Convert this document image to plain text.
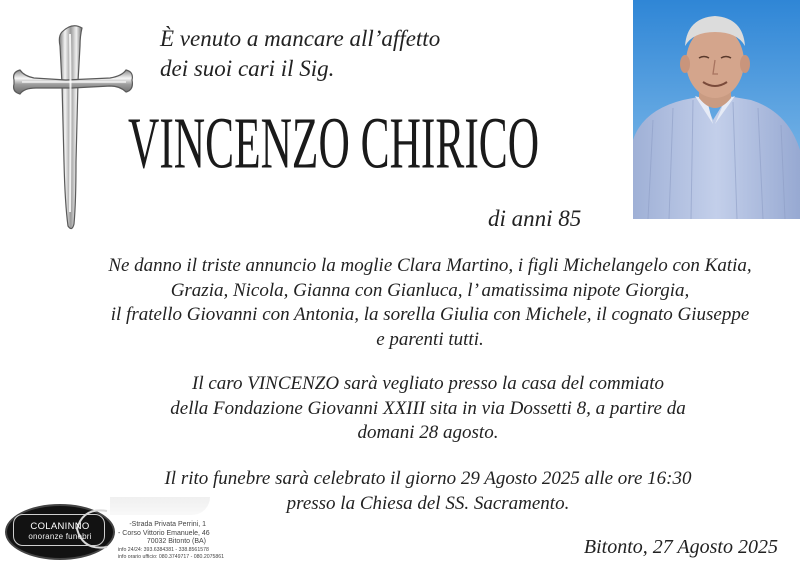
È venuto a mancare all’affetto
dei suoi cari il Sig.
VINCENZO CHIRICO
di anni 85
Ne danno il triste annuncio la moglie Clara Martino, i figli Michelangelo con Katia,
Grazia, Nicola, Gianna con Gianluca, l’ amatissima nipote Giorgia,
il fratello Giovanni con Antonia, la sorella Giulia con Michele, il cognato Giuseppe
e parenti tutti.
Il caro VINCENZO sarà vegliato presso la casa del commiato
della Fondazione Giovanni XXIII sita in via Dossetti 8, a partire da
domani 28 agosto.
Il rito funebre sarà celebrato il giorno 29 Agosto 2025 alle ore 16:30
presso la Chiesa del SS. Sacramento.
Bitonto, 27 Agosto 2025
COLANINNO
onoranze funebri
-Strada Privata Perrini, 1
- Corso Vittorio Emanuele, 46
70032 Bitonto (BA)
info 24/24: 393.6384381 - 338.8561578
info orario ufficio: 080.3749717 - 080.2075861
